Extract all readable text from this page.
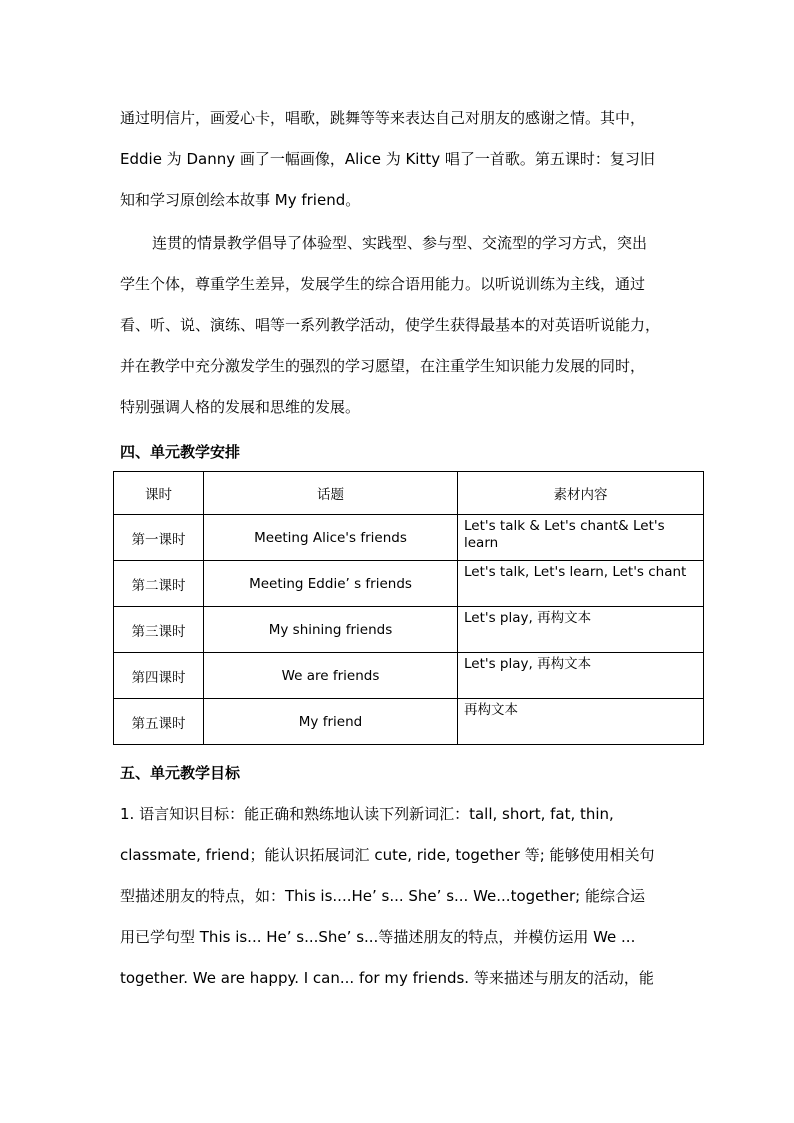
通过明信片，画爱心卡，唱歌，跳舞等等来表达自己对朋友的感谢之情。其中，
Eddie 为 Danny 画了一幅画像，Alice 为 Kitty 唱了一首歌。第五课时：复习旧
知和学习原创绘本故事 My friend。
连贯的情景教学倡导了体验型、实践型、参与型、交流型的学习方式，突出
学生个体，尊重学生差异，发展学生的综合语用能力。以听说训练为主线，通过
看、听、说、演练、唱等一系列教学活动，使学生获得最基本的对英语听说能力，
并在教学中充分激发学生的强烈的学习愿望，在注重学生知识能力发展的同时，
特别强调人格的发展和思维的发展。
四、单元教学安排
课时	话题	素材内容
第一课时	Meeting Alice's friends	Let's talk & Let's chant& Let's learn
第二课时	Meeting Eddie’ s friends	Let's talk, Let's learn, Let's chant
第三课时	My shining friends	Let's play, 再构文本
第四课时	We are friends	Let's play, 再构文本
第五课时	My friend	再构文本
五、单元教学目标
1. 语言知识目标：能正确和熟练地认读下列新词汇：tall, short, fat, thin,
classmate, friend；能认识拓展词汇 cute, ride, together 等; 能够使用相关句
型描述朋友的特点，如：This is....He’ s... She’ s... We...together; 能综合运
用已学句型 This is... He’ s...She’ s...等描述朋友的特点，并模仿运用 We ...
together. We are happy. I can... for my friends. 等来描述与朋友的活动，能
